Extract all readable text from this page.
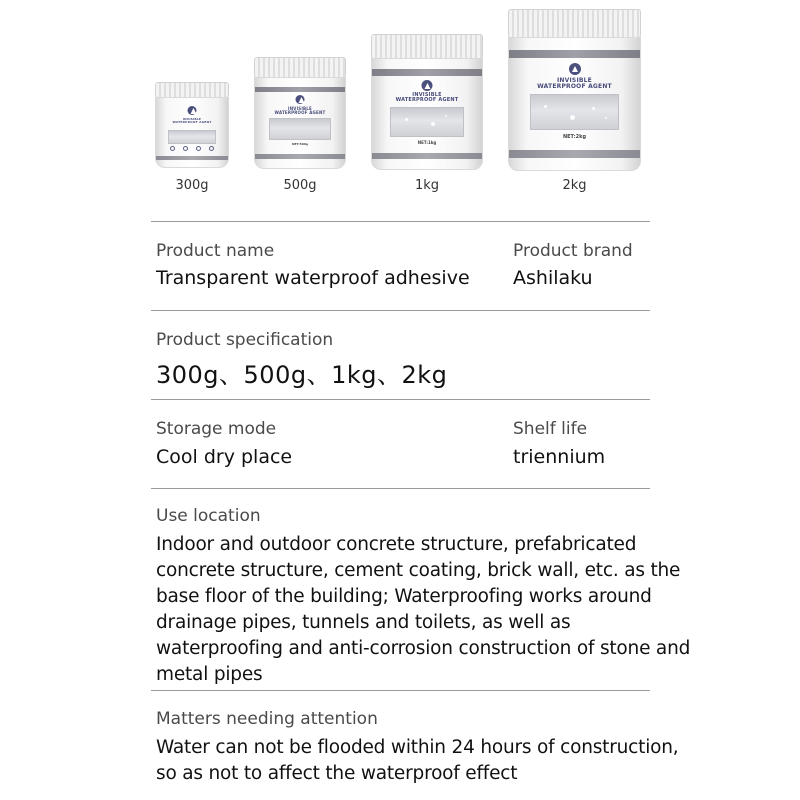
INVISIBLE
WATERPROOF AGENT
300g
INVISIBLE
WATERPROOF AGENT
NET:500g
500g
INVISIBLE
WATERPROOF AGENT
NET:1kg
1kg
INVISIBLE
WATERPROOF AGENT
NET:2kg
2kg
Product name
Transparent waterproof adhesive
Product brand
Ashilaku
Product specification
300g、500g、1kg、2kg
Storage mode
Cool dry place
Shelf life
triennium
Use location
Indoor and outdoor concrete structure, prefabricated concrete structure, cement coating, brick wall, etc. as the base floor of the building; Waterproofing works around drainage pipes, tunnels and toilets, as well as waterproofing and anti-corrosion construction of stone and metal pipes
Matters needing attention
Water can not be flooded within 24 hours of construction, so as not to affect the waterproof effect
